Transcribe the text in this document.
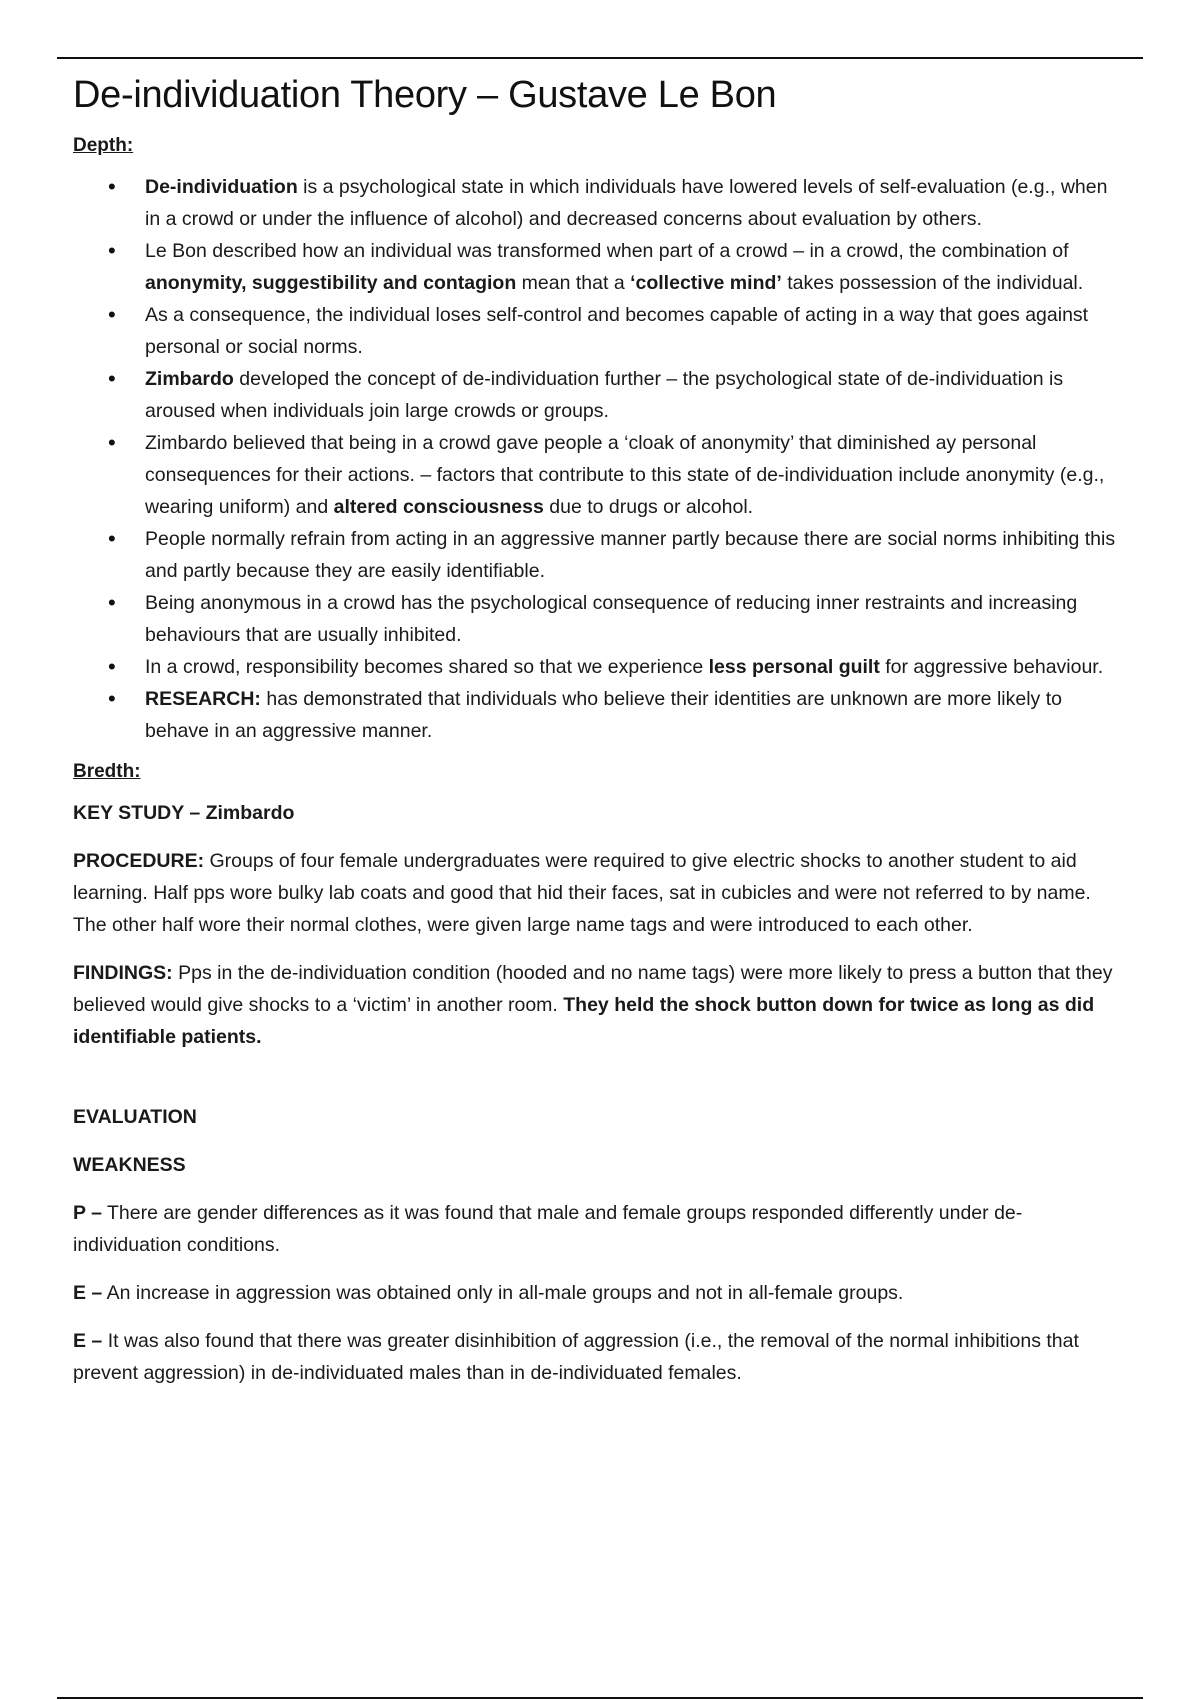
De-individuation Theory – Gustave Le Bon
Depth:
• De-individuation is a psychological state in which individuals have lowered levels of self-evaluation (e.g., when in a crowd or under the influence of alcohol) and decreased concerns about evaluation by others.
• Le Bon described how an individual was transformed when part of a crowd – in a crowd, the combination of anonymity, suggestibility and contagion mean that a ‘collective mind’ takes possession of the individual.
• As a consequence, the individual loses self-control and becomes capable of acting in a way that goes against personal or social norms.
• Zimbardo developed the concept of de-individuation further – the psychological state of de-individuation is aroused when individuals join large crowds or groups.
• Zimbardo believed that being in a crowd gave people a ‘cloak of anonymity’ that diminished ay personal consequences for their actions. – factors that contribute to this state of de-individuation include anonymity (e.g., wearing uniform) and altered consciousness due to drugs or alcohol.
• People normally refrain from acting in an aggressive manner partly because there are social norms inhibiting this and partly because they are easily identifiable.
• Being anonymous in a crowd has the psychological consequence of reducing inner restraints and increasing behaviours that are usually inhibited.
• In a crowd, responsibility becomes shared so that we experience less personal guilt for aggressive behaviour.
• RESEARCH: has demonstrated that individuals who believe their identities are unknown are more likely to behave in an aggressive manner.
Bredth:

KEY STUDY – Zimbardo

PROCEDURE: Groups of four female undergraduates were required to give electric shocks to another student to aid learning. Half pps wore bulky lab coats and good that hid their faces, sat in cubicles and were not referred to by name. The other half wore their normal clothes, were given large name tags and were introduced to each other.

FINDINGS: Pps in the de-individuation condition (hooded and no name tags) were more likely to press a button that they believed would give shocks to a ‘victim’ in another room. They held the shock button down for twice as long as did identifiable patients.

EVALUATION

WEAKNESS

P – There are gender differences as it was found that male and female groups responded differently under de-individuation conditions.

E – An increase in aggression was obtained only in all-male groups and not in all-female groups.

E – It was also found that there was greater disinhibition of aggression (i.e., the removal of the normal inhibitions that prevent aggression) in de-individuated males than in de-individuated females.
